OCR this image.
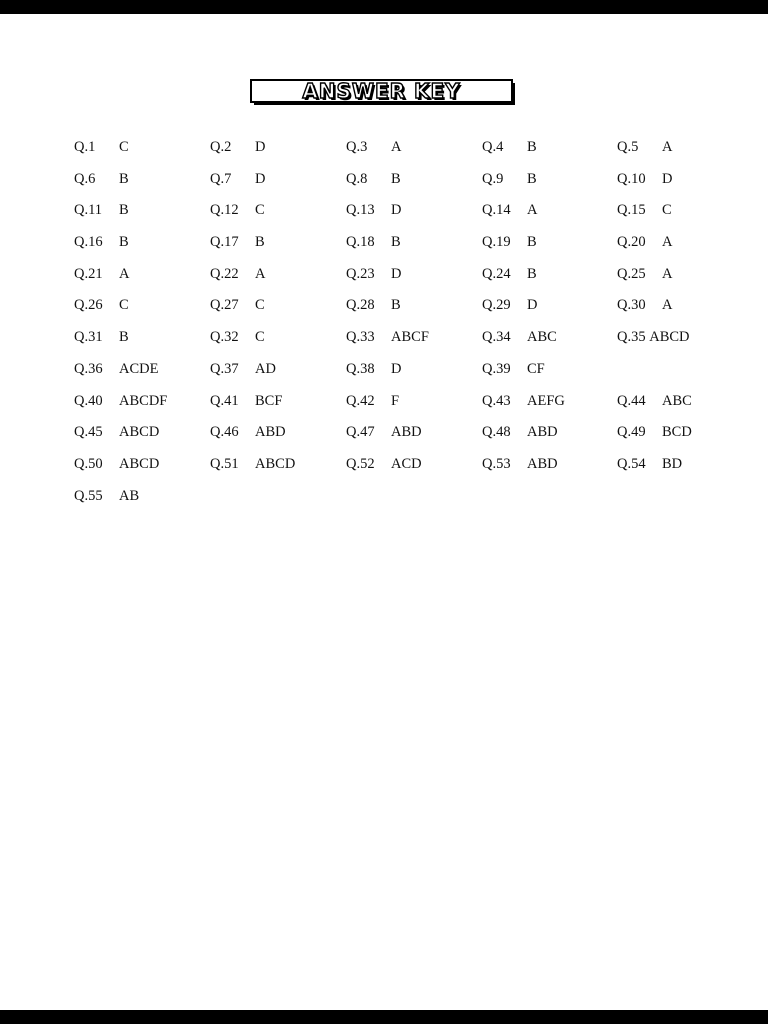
ANSWER KEY
Q.1 C	Q.2 D	Q.3 A	Q.4 B	Q.5 A
Q.6 B	Q.7 D	Q.8 B	Q.9 B	Q.10 D
Q.11 B	Q.12 C	Q.13 D	Q.14 A	Q.15 C
Q.16 B	Q.17 B	Q.18 B	Q.19 B	Q.20 A
Q.21 A	Q.22 A	Q.23 D	Q.24 B	Q.25 A
Q.26 C	Q.27 C	Q.28 B	Q.29 D	Q.30 A
Q.31 B	Q.32 C	Q.33 ABCF	Q.34 ABC	Q.35 ABCD
Q.36 ACDE	Q.37 AD	Q.38 D	Q.39 CF
Q.40 ABCDF	Q.41 BCF	Q.42 F	Q.43 AEFG	Q.44 ABC
Q.45 ABCD	Q.46 ABD	Q.47 ABD	Q.48 ABD	Q.49 BCD
Q.50 ABCD	Q.51 ABCD	Q.52 ACD	Q.53 ABD	Q.54 BD
Q.55 AB
